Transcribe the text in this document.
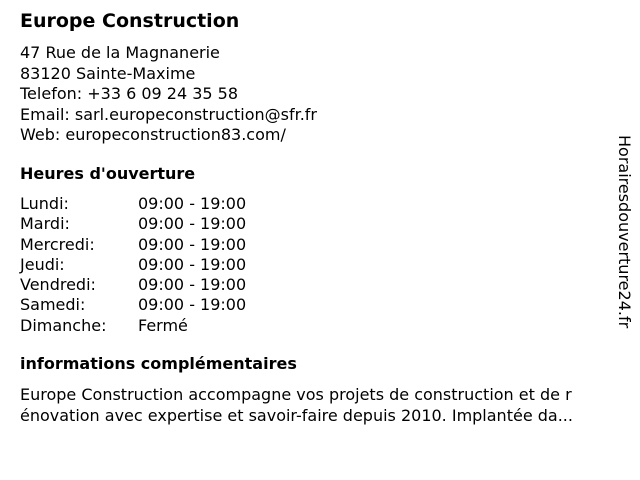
Europe Construction
47 Rue de la Magnanerie
83120 Sainte-Maxime
Telefon: +33 6 09 24 35 58
Email: sarl.europeconstruction@sfr.fr
Web: europeconstruction83.com/
Heures d'ouverture
Lundi:	09:00 - 19:00
Mardi:	09:00 - 19:00
Mercredi:	09:00 - 19:00
Jeudi:	09:00 - 19:00
Vendredi:	09:00 - 19:00
Samedi:	09:00 - 19:00
Dimanche:	Fermé
informations complémentaires
Europe Construction accompagne vos projets de construction et de r
énovation avec expertise et savoir-faire depuis 2010. Implantée da...
Horairesdouverture24.fr
